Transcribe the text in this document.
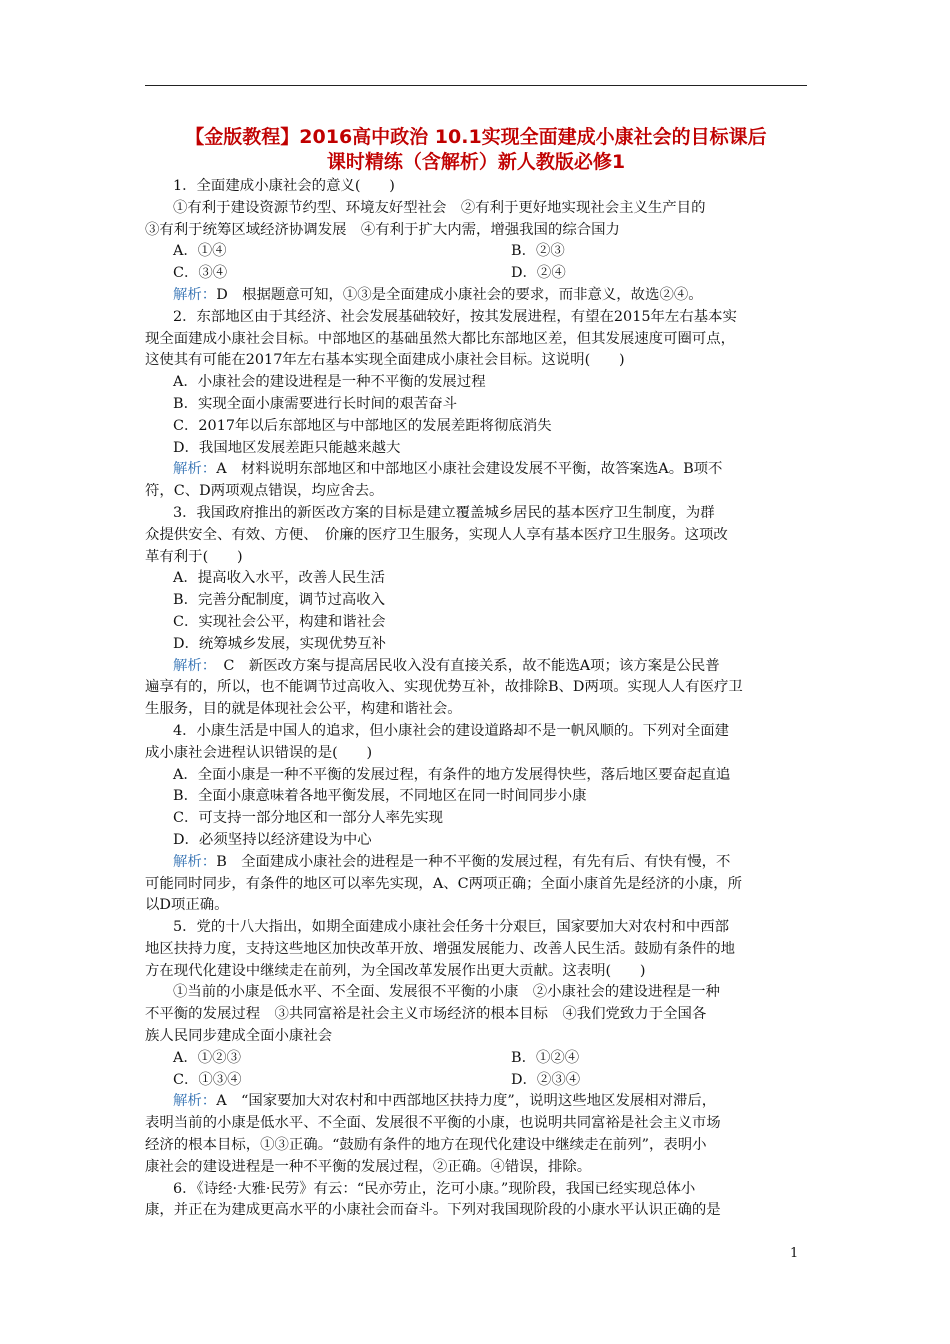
【金版教程】2016高中政治 10.1实现全面建成小康社会的目标课后
课时精练（含解析）新人教版必修1
1．全面建成小康社会的意义(　　)
①有利于建设资源节约型、环境友好型社会　②有利于更好地实现社会主义生产目的
③有利于统筹区域经济协调发展　④有利于扩大内需，增强我国的综合国力
A．①④	B．②③
C．③④	D．②④
解析：D　根据题意可知，①③是全面建成小康社会的要求，而非意义，故选②④。
2．东部地区由于其经济、社会发展基础较好，按其发展进程，有望在2015年左右基本实
现全面建成小康社会目标。中部地区的基础虽然大都比东部地区差，但其发展速度可圈可点，
这使其有可能在2017年左右基本实现全面建成小康社会目标。这说明(　　)
A．小康社会的建设进程是一种不平衡的发展过程
B．实现全面小康需要进行长时间的艰苦奋斗
C．2017年以后东部地区与中部地区的发展差距将彻底消失
D．我国地区发展差距只能越来越大
解析：A　材料说明东部地区和中部地区小康社会建设发展不平衡，故答案选A。B项不
符，C、D两项观点错误，均应舍去。
3．我国政府推出的新医改方案的目标是建立覆盖城乡居民的基本医疗卫生制度，为群
众提供安全、有效、方便、　价廉的医疗卫生服务，实现人人享有基本医疗卫生服务。这项改
革有利于(　　)
A．提高收入水平，改善人民生活
B．完善分配制度，调节过高收入
C．实现社会公平，构建和谐社会
D．统筹城乡发展，实现优势互补
解析：　C　新医改方案与提高居民收入没有直接关系，故不能选A项；该方案是公民普
遍享有的，所以，也不能调节过高收入、实现优势互补，故排除B、D两项。实现人人有医疗卫
生服务，目的就是体现社会公平，构建和谐社会。
4．小康生活是中国人的追求，但小康社会的建设道路却不是一帆风顺的。下列对全面建
成小康社会进程认识错误的是(　　)
A．全面小康是一种不平衡的发展过程，有条件的地方发展得快些，落后地区要奋起直追
B．全面小康意味着各地平衡发展，不同地区在同一时间同步小康
C．可支持一部分地区和一部分人率先实现
D．必须坚持以经济建设为中心
解析：B　全面建成小康社会的进程是一种不平衡的发展过程，有先有后、有快有慢，不
可能同时同步，有条件的地区可以率先实现，A、C两项正确；全面小康首先是经济的小康，所
以D项正确。
5．党的十八大指出，如期全面建成小康社会任务十分艰巨，国家要加大对农村和中西部
地区扶持力度，支持这些地区加快改革开放、增强发展能力、改善人民生活。鼓励有条件的地
方在现代化建设中继续走在前列，为全国改革发展作出更大贡献。这表明(　　)
①当前的小康是低水平、不全面、发展很不平衡的小康　②小康社会的建设进程是一种
不平衡的发展过程　③共同富裕是社会主义市场经济的根本目标　④我们党致力于全国各
族人民同步建成全面小康社会
A．①②③	B．①②④
C．①③④	D．②③④
解析：A　“国家要加大对农村和中西部地区扶持力度”，说明这些地区发展相对滞后，
表明当前的小康是低水平、不全面、发展很不平衡的小康，也说明共同富裕是社会主义市场
经济的根本目标，①③正确。“鼓励有条件的地方在现代化建设中继续走在前列”，表明小
康社会的建设进程是一种不平衡的发展过程，②正确。④错误，排除。
6．《诗经·大雅·民劳》有云：“民亦劳止，汔可小康。”现阶段，我国已经实现总体小
康，并正在为建成更高水平的小康社会而奋斗。下列对我国现阶段的小康水平认识正确的是
1
